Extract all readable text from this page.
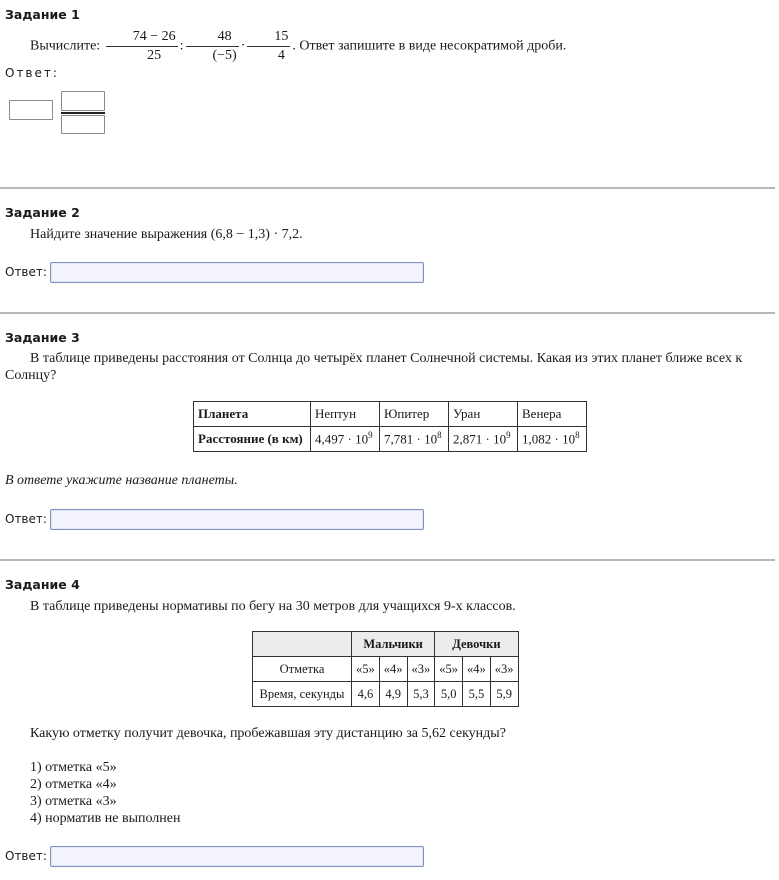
Задание 1
Вычислите: $\frac{74 - 26}{25}$ : $\frac{48}{(-5)} \cdot \frac{15}{4}$ . Ответ запишите в виде несократимой дроби.
Ответ:
Задание 2
Найдите значение выражения (6,8 − 1,3) · 7,2.
Ответ:
Задание 3
В таблице приведены расстояния от Солнца до четырёх планет Солнечной системы. Какая из этих планет ближе всех к Солнцу?
Планета	Нептун	Юпитер	Уран	Венера
Расстояние (в км)	$4,497 \cdot 10^9$	$7,781 \cdot 10^8$	$2,871 \cdot 10^9$	$1,082 \cdot 10^8$
В ответе укажите название планеты.
Ответ:
Задание 4
В таблице приведены нормативы по бегу на 30 метров для учащихся 9-х классов.
	Мальчики			Девочки		
Отметка	«5»	«4»	«3»	«5»	«4»	«3»
Время, секунды	4,6	4,9	5,3	5,0	5,5	5,9
Какую отметку получит девочка, пробежавшая эту дистанцию за 5,62 секунды?
1) отметка «5»
2) отметка «4»
3) отметка «3»
4) норматив не выполнен
Ответ:
